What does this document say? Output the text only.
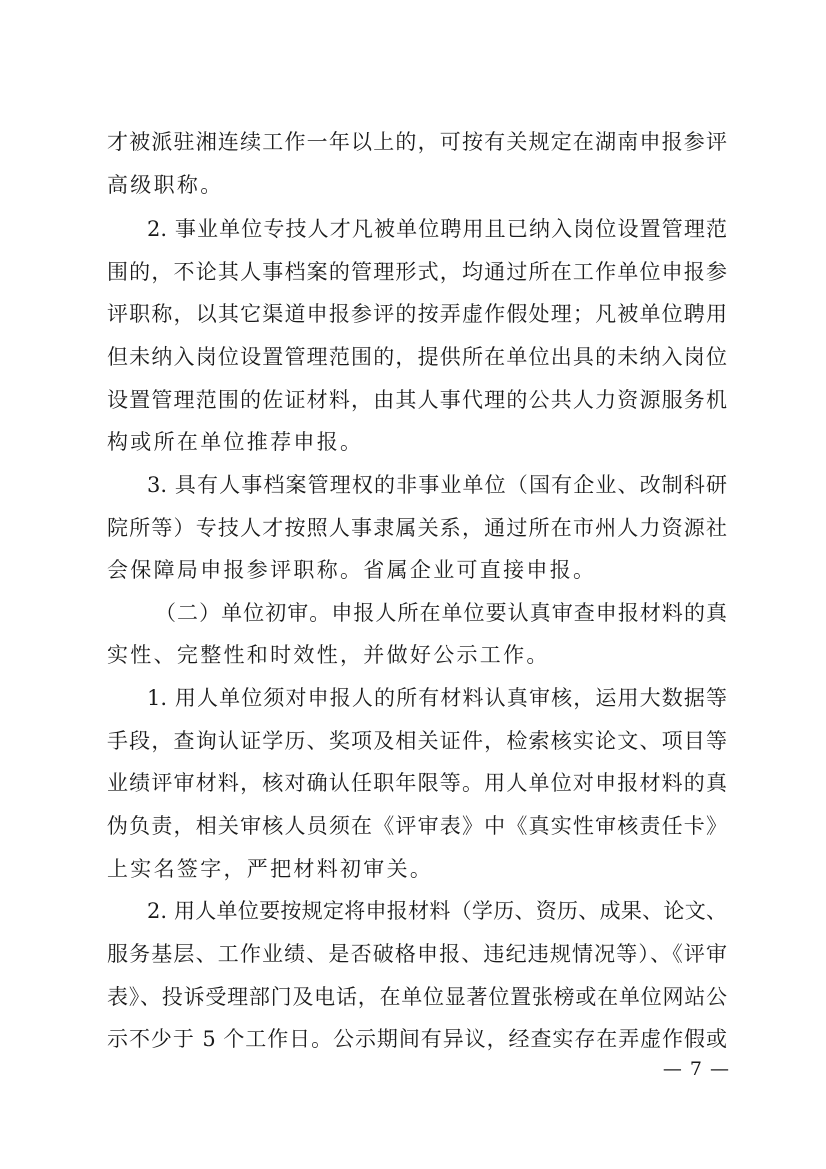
才被派驻湘连续工作一年以上的，可按有关规定在湖南申报参评

高级职称。

2. 事业单位专技人才凡被单位聘用且已纳入岗位设置管理范

围的，不论其人事档案的管理形式，均通过所在工作单位申报参

评职称，以其它渠道申报参评的按弄虚作假处理；凡被单位聘用

但未纳入岗位设置管理范围的，提供所在单位出具的未纳入岗位

设置管理范围的佐证材料，由其人事代理的公共人力资源服务机

构或所在单位推荐申报。

3. 具有人事档案管理权的非事业单位（国有企业、改制科研

院所等）专技人才按照人事隶属关系，通过所在市州人力资源社

会保障局申报参评职称。省属企业可直接申报。

（二）单位初审。申报人所在单位要认真审查申报材料的真

实性、完整性和时效性，并做好公示工作。

1. 用人单位须对申报人的所有材料认真审核，运用大数据等

手段，查询认证学历、奖项及相关证件，检索核实论文、项目等

业绩评审材料，核对确认任职年限等。用人单位对申报材料的真

伪负责，相关审核人员须在《评审表》中《真实性审核责任卡》

上实名签字，严把材料初审关。

2. 用人单位要按规定将申报材料（学历、资历、成果、论文、

服务基层、工作业绩、是否破格申报、违纪违规情况等）、《评审

表》、投诉受理部门及电话，在单位显著位置张榜或在单位网站公

示不少于 5 个工作日。公示期间有异议，经查实存在弄虚作假或

— 7 —
